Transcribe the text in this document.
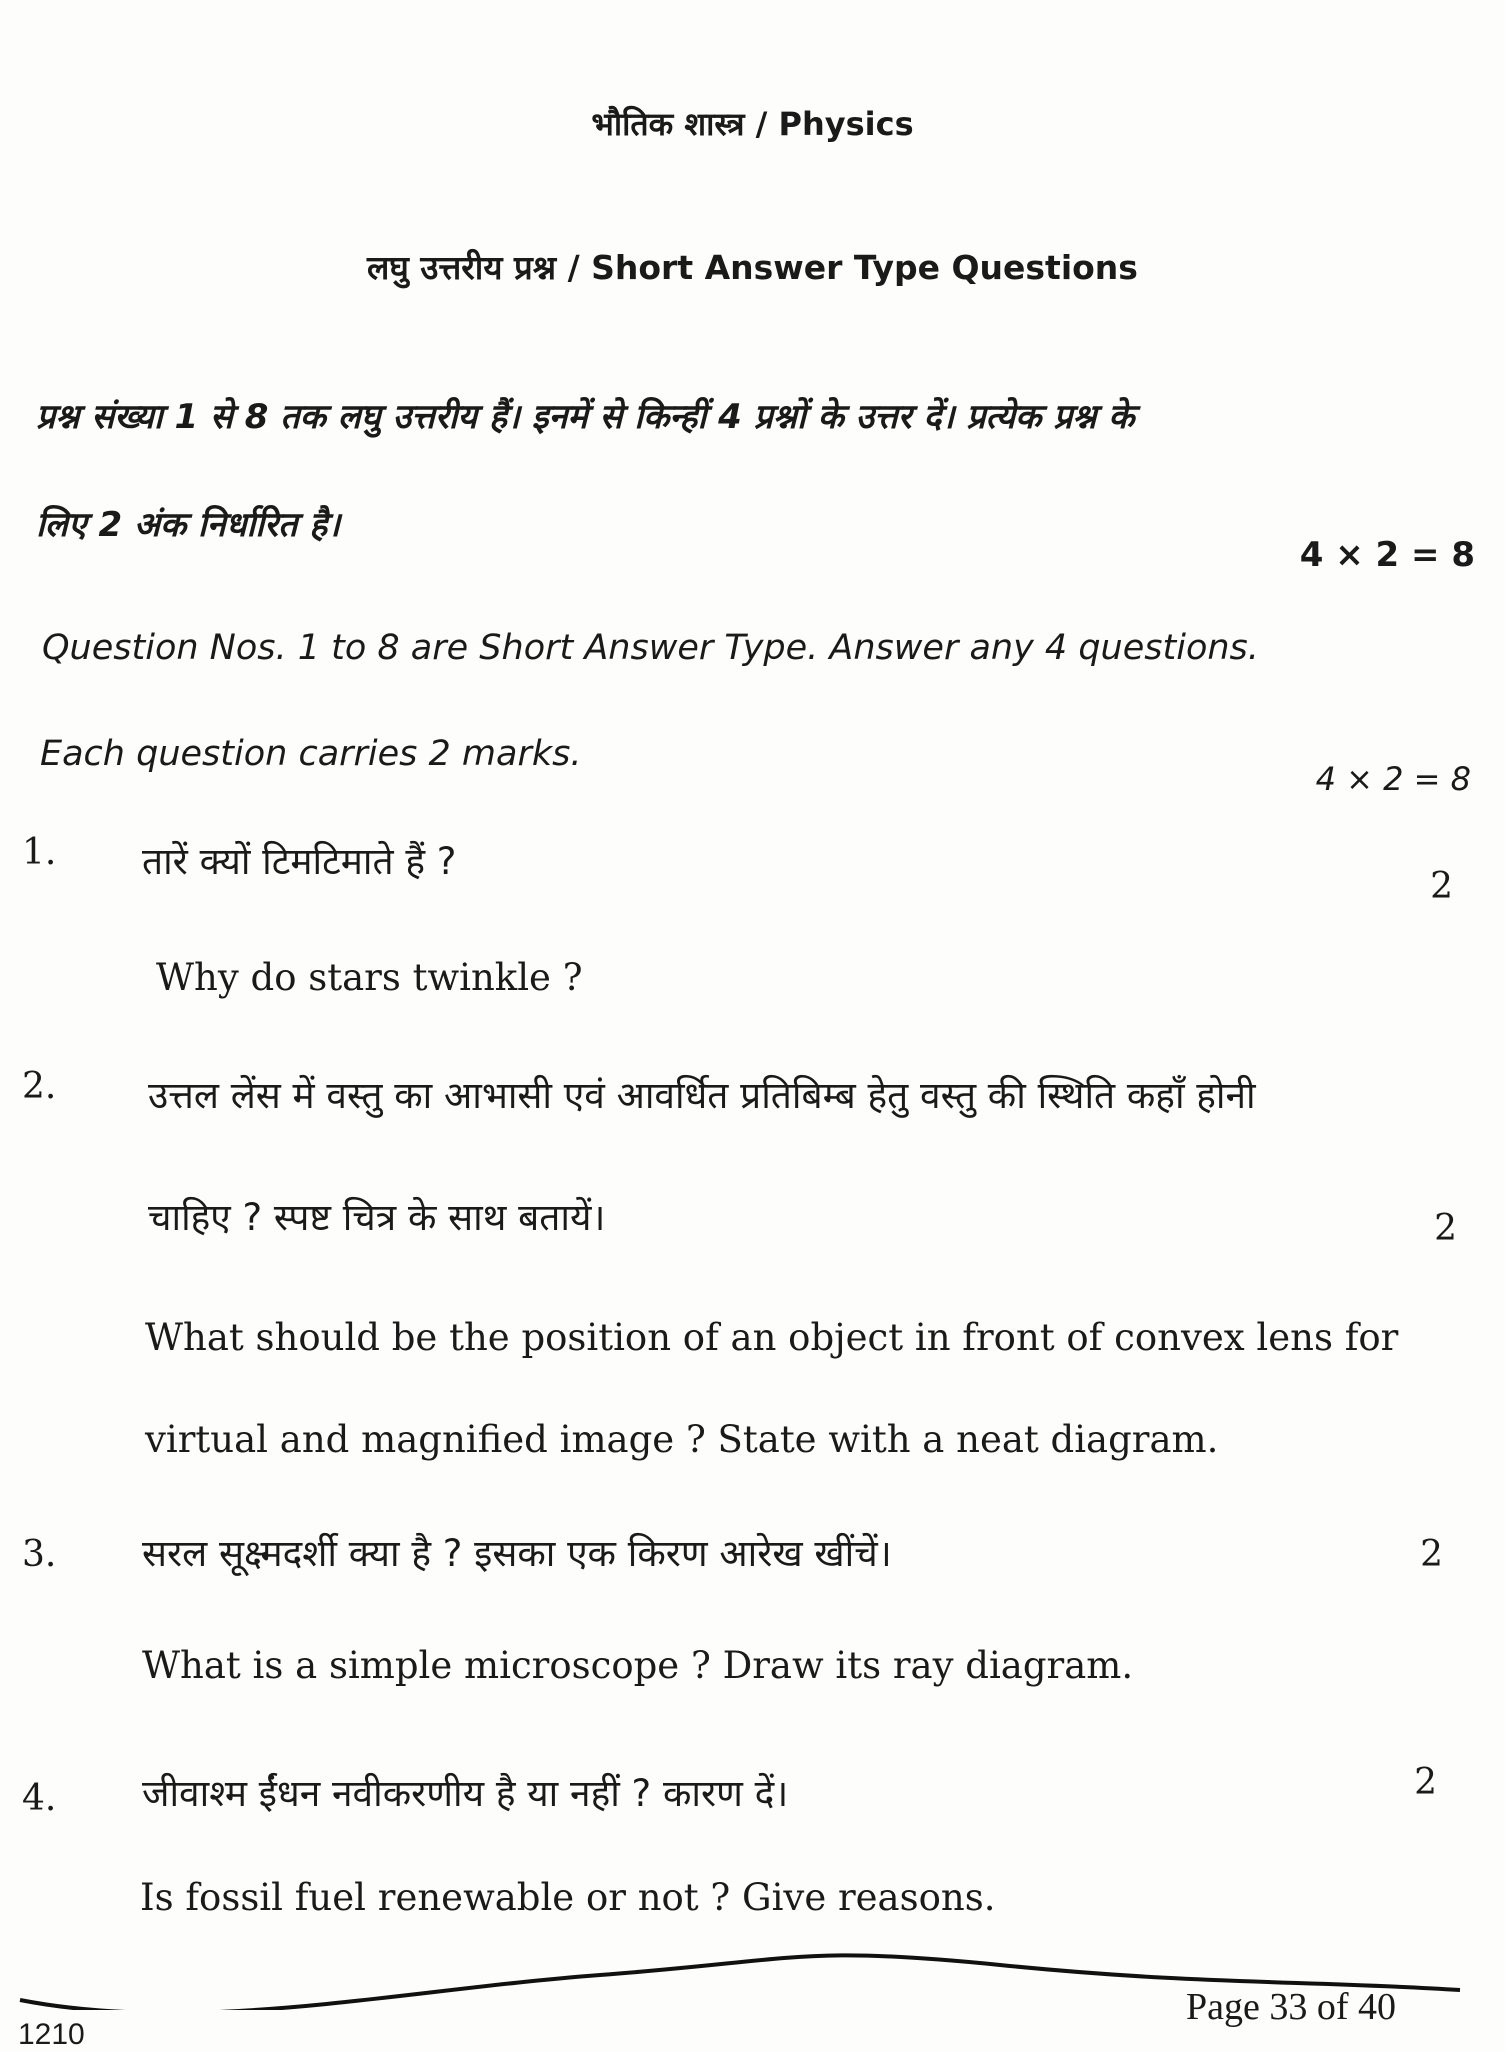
भौतिक शास्त्र / Physics
लघु उत्तरीय प्रश्न / Short Answer Type Questions
प्रश्न संख्या 1 से 8 तक लघु उत्तरीय हैं। इनमें से किन्हीं 4 प्रश्नों के उत्तर दें। प्रत्येक प्रश्न के
लिए 2 अंक निर्धारित है।
4 × 2 = 8
Question Nos. 1 to 8 are Short Answer Type. Answer any 4 questions.
Each question carries 2 marks.
4 × 2 = 8
1. तारें क्यों टिमटिमाते हैं ?
2
Why do stars twinkle ?
2. उत्तल लेंस में वस्तु का आभासी एवं आवर्धित प्रतिबिम्ब हेतु वस्तु की स्थिति कहाँ होनी
चाहिए ? स्पष्ट चित्र के साथ बतायें।	2
What should be the position of an object in front of convex lens for
virtual and magnified image ? State with a neat diagram.
3. सरल सूक्ष्मदर्शी क्या है ? इसका एक किरण आरेख खींचें।	2
What is a simple microscope ? Draw its ray diagram.
4. जीवाश्म ईंधन नवीकरणीय है या नहीं ? कारण दें।	2
Is fossil fuel renewable or not ? Give reasons.
Page 33 of 40
1210
